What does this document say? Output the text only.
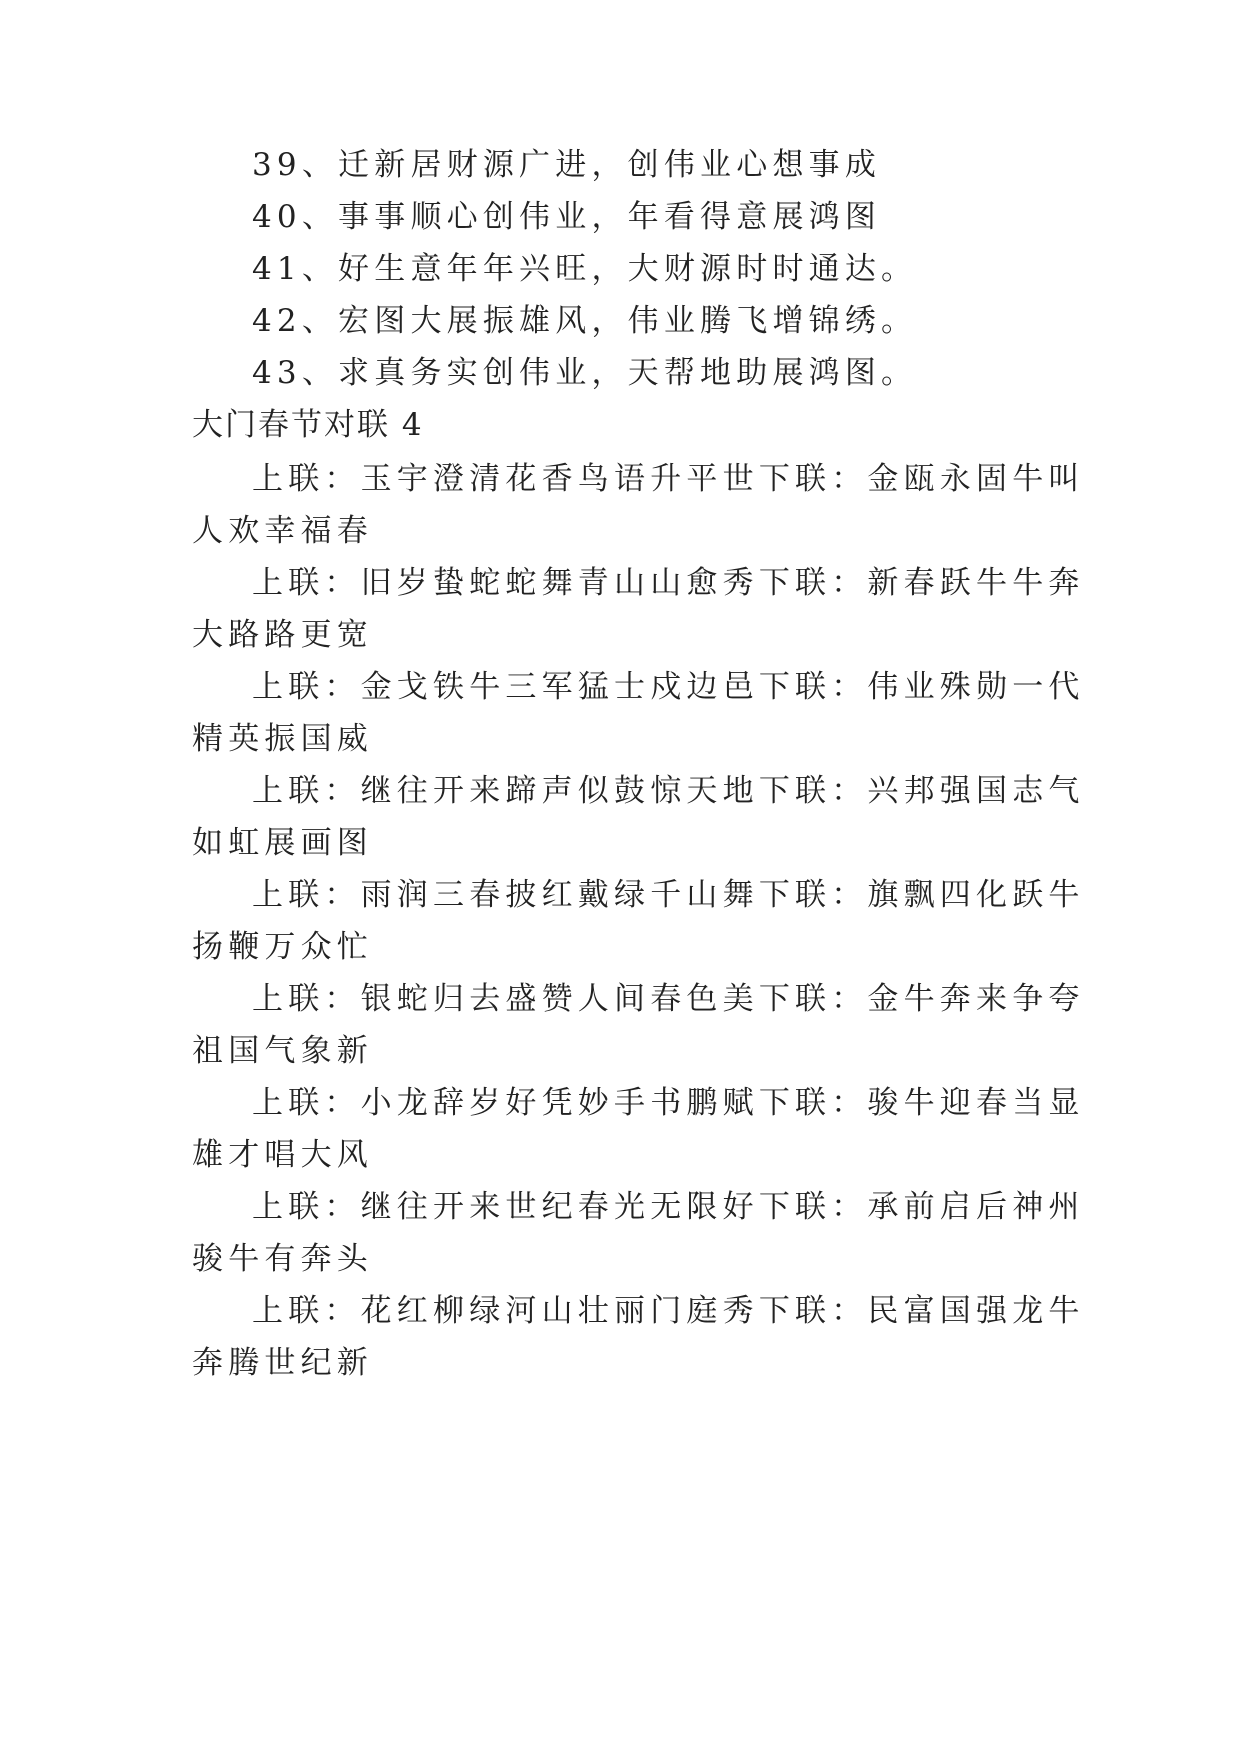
39、迁新居财源广进，创伟业心想事成
40、事事顺心创伟业，年看得意展鸿图
41、好生意年年兴旺，大财源时时通达。
42、宏图大展振雄风，伟业腾飞增锦绣。
43、求真务实创伟业，天帮地助展鸿图。
大门春节对联 4
上联：玉宇澄清花香鸟语升平世 下联：金瓯永固牛叫
人欢幸福春
上联：旧岁蛰蛇蛇舞青山山愈秀 下联：新春跃牛牛奔
大路路更宽
上联：金戈铁牛三军猛士戍边邑 下联：伟业殊勋一代
精英振国威
上联：继往开来蹄声似鼓惊天地 下联：兴邦强国志气
如虹展画图
上联：雨润三春披红戴绿千山舞 下联：旗飘四化跃牛
扬鞭万众忙
上联：银蛇归去盛赞人间春色美 下联：金牛奔来争夸
祖国气象新
上联：小龙辞岁好凭妙手书鹏赋 下联：骏牛迎春当显
雄才唱大风
上联：继往开来世纪春光无限好 下联：承前启后神州
骏牛有奔头
上联：花红柳绿河山壮丽门庭秀 下联：民富国强龙牛
奔腾世纪新
